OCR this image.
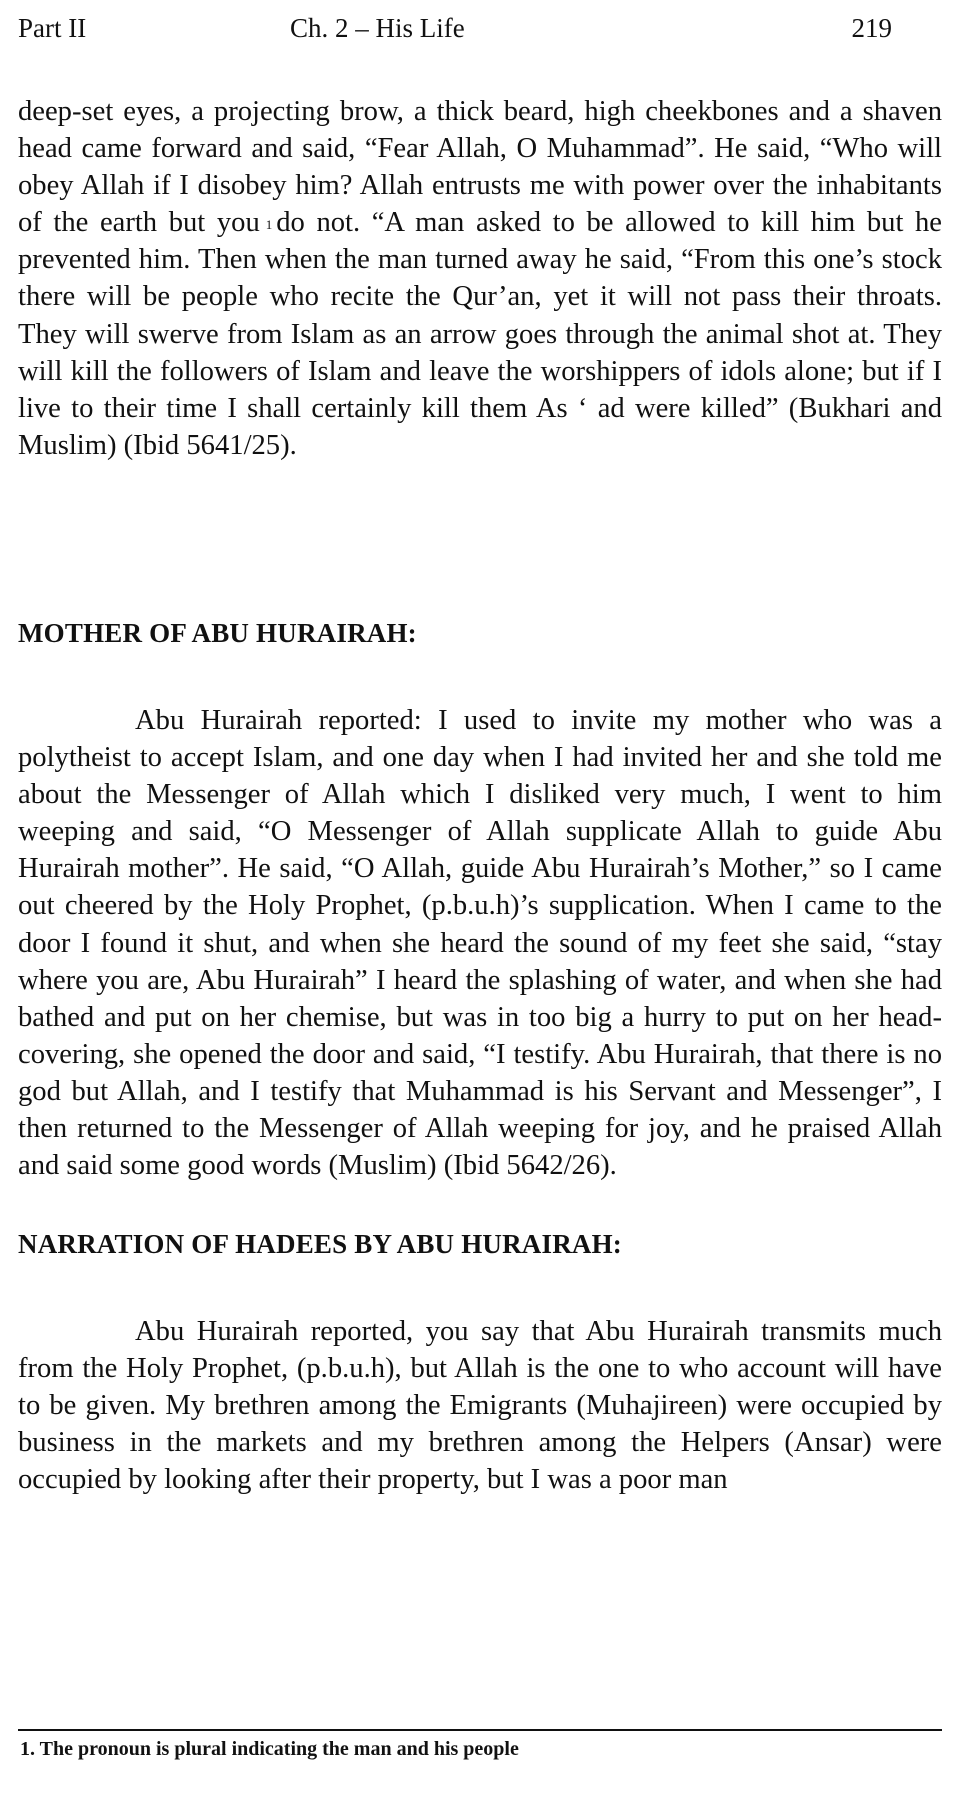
Part II	Ch. 2 – His Life	219

deep-set eyes, a projecting brow, a thick beard, high cheekbones and a shaven head came forward and said, “Fear Allah, O Muhammad”. He said, “Who will obey Allah if I disobey him? Allah entrusts me with power over the inhabitants of the earth but you $^1$ do not. “A man asked to be allowed to kill him but he prevented him. Then when the man turned away he said, “From this one’s stock there will be people who recite the Qur’an, yet it will not pass their throats. They will swerve from Islam as an arrow goes through the animal shot at. They will kill the followers of Islam and leave the worshippers of idols alone; but if I live to their time I shall certainly kill them As ‘ ad were killed” (Bukhari and Muslim) (Ibid 5641/25).

MOTHER OF ABU HURAIRAH:

Abu Hurairah reported: I used to invite my mother who was a polytheist to accept Islam, and one day when I had invited her and she told me about the Messenger of Allah which I disliked very much, I went to him weeping and said, “O Messenger of Allah supplicate Allah to guide Abu Hurairah mother”. He said, “O Allah, guide Abu Hurairah’s Mother,” so I came out cheered by the Holy Prophet, (p.b.u.h)’s supplication. When I came to the door I found it shut, and when she heard the sound of my feet she said, “stay where you are, Abu Hurairah” I heard the splashing of water, and when she had bathed and put on her chemise, but was in too big a hurry to put on her head-covering, she opened the door and said, “I testify. Abu Hurairah, that there is no god but Allah, and I testify that Muhammad is his Servant and Messenger”, I then returned to the Messenger of Allah weeping for joy, and he praised Allah and said some good words (Muslim) (Ibid 5642/26).

NARRATION OF HADEES BY ABU HURAIRAH:

Abu Hurairah reported, you say that Abu Hurairah transmits much from the Holy Prophet, (p.b.u.h), but Allah is the one to who account will have to be given. My brethren among the Emigrants (Muhajireen) were occupied by business in the markets and my brethren among the Helpers (Ansar) were occupied by looking after their property, but I was a poor man

1. The pronoun is plural indicating the man and his people
